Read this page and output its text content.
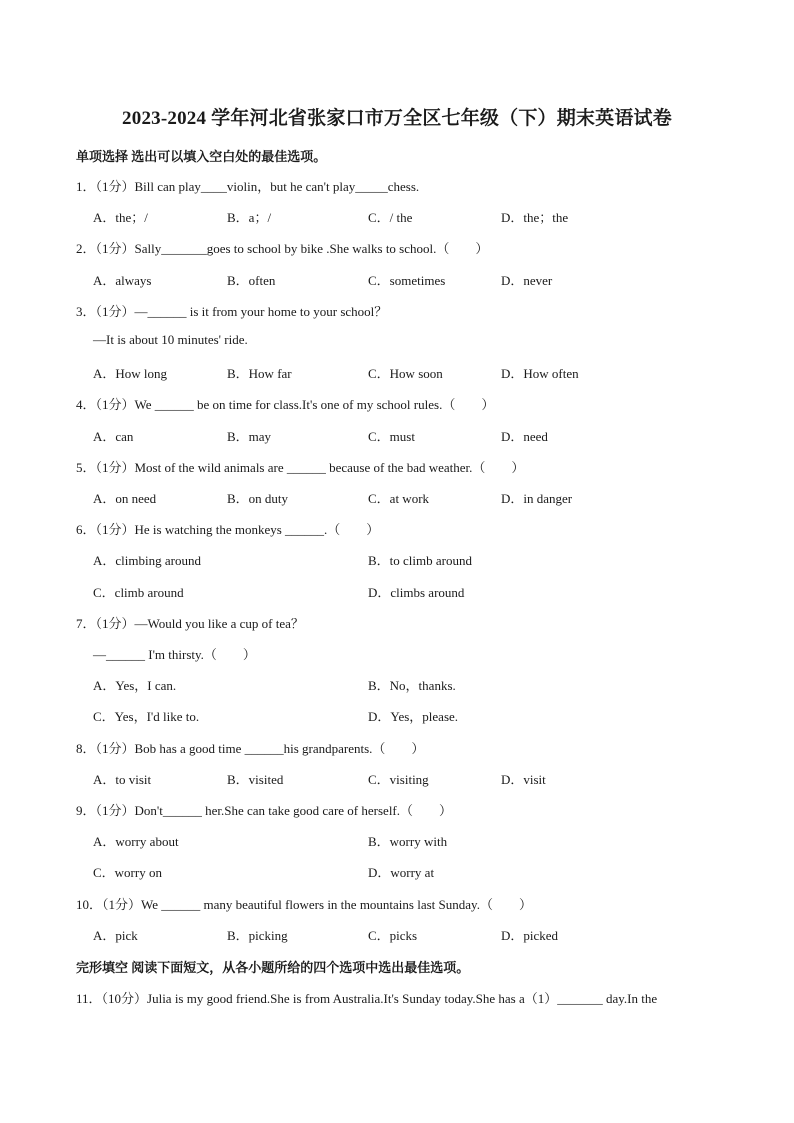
2023-2024 学年河北省张家口市万全区七年级（下）期末英语试卷
单项选择 选出可以填入空白处的最佳选项。
1．（1分）Bill can play____violin，but he can't play_____chess.
A．the；/	B．a；/	C．/ the	D．the；the
2．（1分）Sally_______goes to school by bike .She walks to school.（　　）
A．always	B．often	C．sometimes	D．never
3．（1分）—______ is it from your home to your school？
—It is about 10 minutes' ride.
A．How long	B．How far	C．How soon	D．How often
4．（1分）We ______ be on time for class.It's one of my school rules.（　　）
A．can	B．may	C．must	D．need
5．（1分）Most of the wild animals are ______ because of the bad weather.（　　）
A．on need	B．on duty	C．at work	D．in danger
6．（1分）He is watching the monkeys ______.（　　）
A．climbing around	B．to climb around
C．climb around	D．climbs around
7．（1分）—Would you like a cup of tea？
—______ I'm thirsty.（　　）
A．Yes，I can.	B．No，thanks.
C．Yes，I'd like to.	D．Yes，please.
8．（1分）Bob has a good time ______his grandparents.（　　）
A．to visit	B．visited	C．visiting	D．visit
9．（1分）Don't______ her.She can take good care of herself.（　　）
A．worry about	B．worry with
C．worry on	D．worry at
10．（1分）We ______ many beautiful flowers in the mountains last Sunday.（　　）
A．pick	B．picking	C．picks	D．picked
完形填空 阅读下面短文，从各小题所给的四个选项中选出最佳选项。
11．（10分）Julia is my good friend.She is from Australia.It's Sunday today.She has a（1）_______ day.In the
